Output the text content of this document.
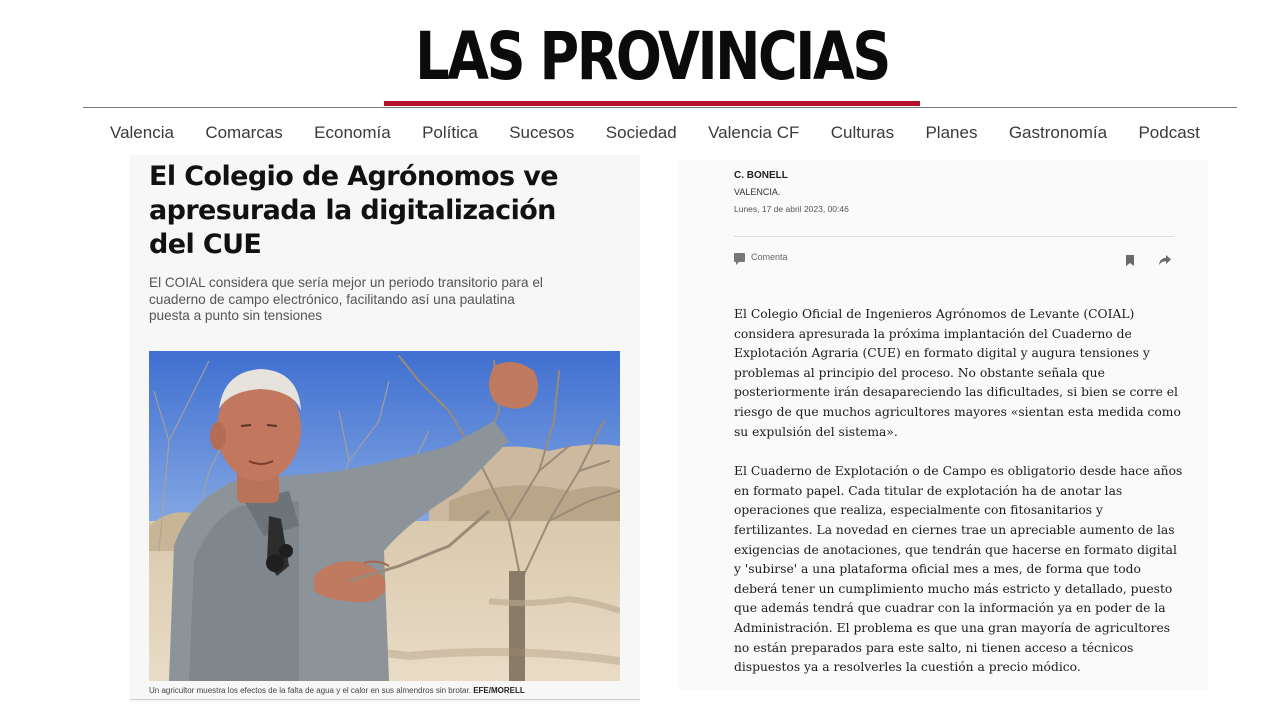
LAS PROVINCIAS
Valencia	Comarcas	Economía	Política	Sucesos	Sociedad	Valencia CF	Culturas	Planes	Gastronomía	Podcast
El Colegio de Agrónomos ve apresurada la digitalización del CUE

El COIAL considera que sería mejor un periodo transitorio para el cuaderno de campo electrónico, facilitando así una paulatina puesta a punto sin tensiones

Un agricultor muestra los efectos de la falta de agua y el calor en sus almendros sin brotar. EFE/MORELL
C. BONELL
VALENCIA.
Lunes, 17 de abril 2023, 00:46
Comenta

El Colegio Oficial de Ingenieros Agrónomos de Levante (COIAL) considera apresurada la próxima implantación del Cuaderno de Explotación Agraria (CUE) en formato digital y augura tensiones y problemas al principio del proceso. No obstante señala que posteriormente irán desapareciendo las dificultades, si bien se corre el riesgo de que muchos agricultores mayores «sientan esta medida como su expulsión del sistema».

El Cuaderno de Explotación o de Campo es obligatorio desde hace años en formato papel. Cada titular de explotación ha de anotar las operaciones que realiza, especialmente con fitosanitarios y fertilizantes. La novedad en ciernes trae un apreciable aumento de las exigencias de anotaciones, que tendrán que hacerse en formato digital y 'subirse' a una plataforma oficial mes a mes, de forma que todo deberá tener un cumplimiento mucho más estricto y detallado, puesto que además tendrá que cuadrar con la información ya en poder de la Administración. El problema es que una gran mayoría de agricultores no están preparados para este salto, ni tienen acceso a técnicos dispuestos ya a resolverles la cuestión a precio módico.
